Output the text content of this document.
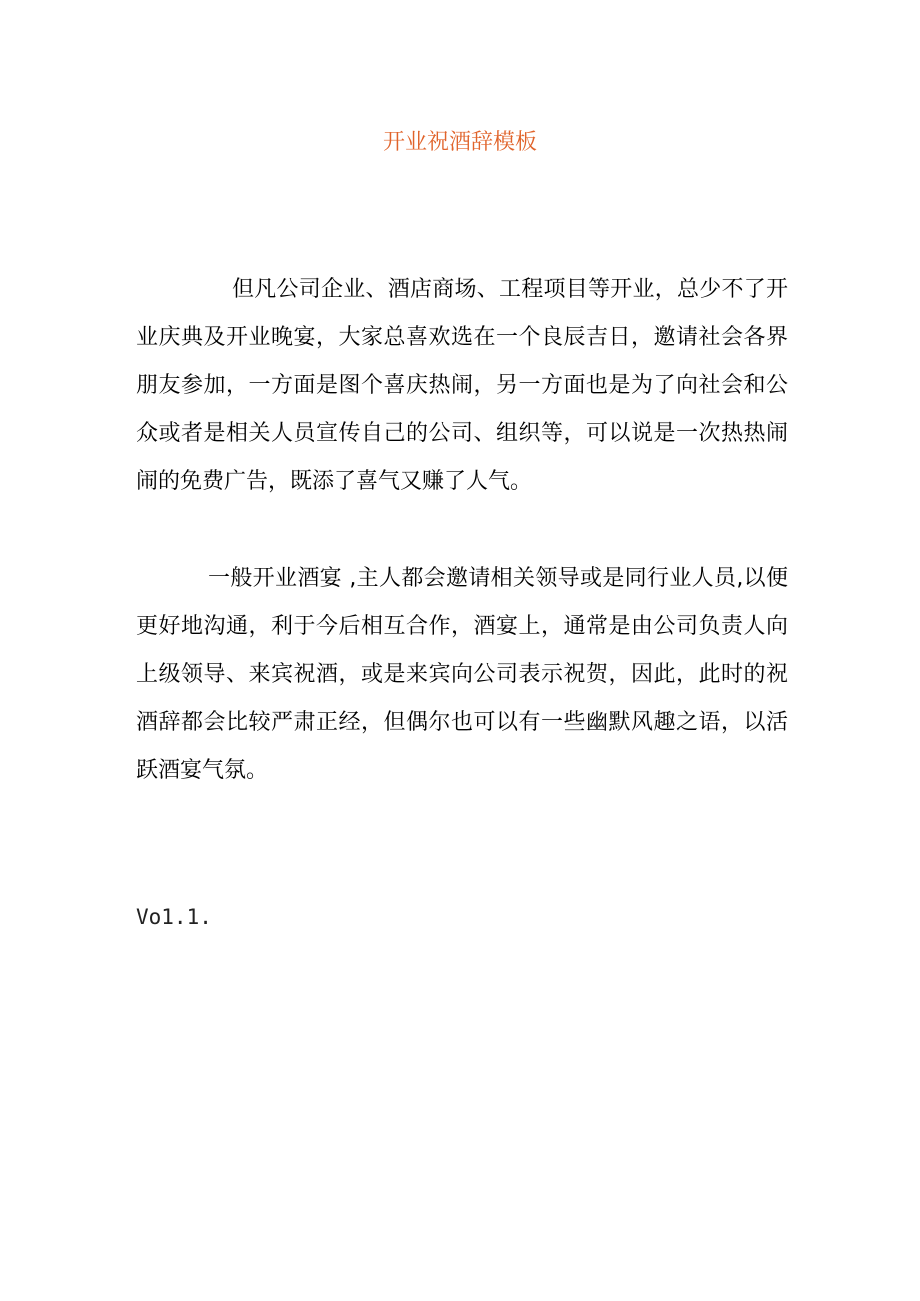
开业祝酒辞模板

但凡公司企业、酒店商场、工程项目等开业，总少不了开业庆典及开业晚宴，大家总喜欢选在一个良辰吉日，邀请社会各界朋友参加，一方面是图个喜庆热闹，另一方面也是为了向社会和公众或者是相关人员宣传自己的公司、组织等，可以说是一次热热闹闹的免费广告，既添了喜气又赚了人气。

一般开业酒宴 ,主人都会邀请相关领导或是同行业人员,以便更好地沟通，利于今后相互合作，酒宴上，通常是由公司负责人向上级领导、来宾祝酒，或是来宾向公司表示祝贺，因此，此时的祝酒辞都会比较严肃正经，但偶尔也可以有一些幽默风趣之语，以活跃酒宴气氛。

Vo1.1.
